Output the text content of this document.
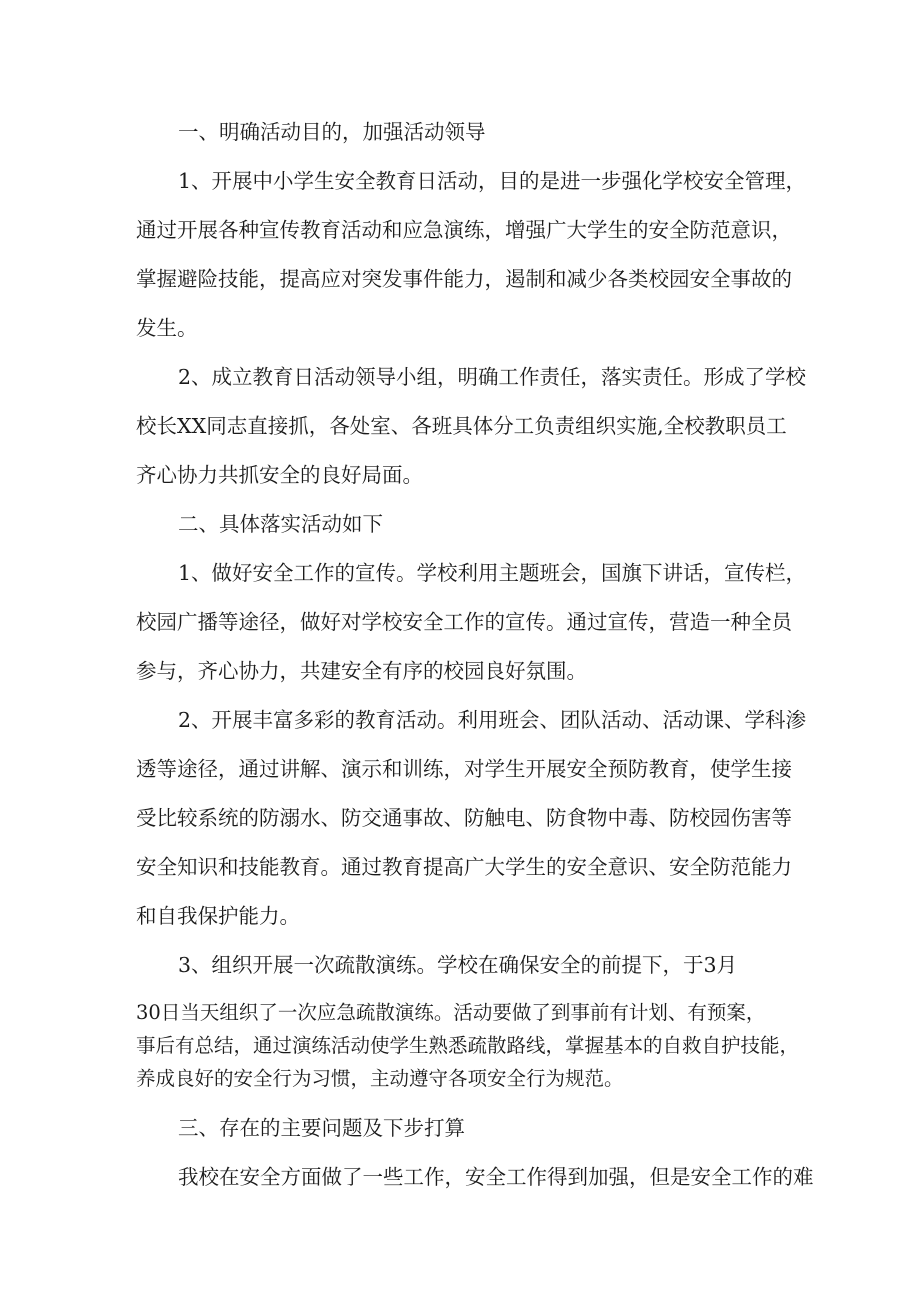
一、明确活动目的，加强活动领导
1、开展中小学生安全教育日活动，目的是进一步强化学校安全管理，
通过开展各种宣传教育活动和应急演练，增强广大学生的安全防范意识，
掌握避险技能，提高应对突发事件能力，遏制和减少各类校园安全事故的
发生。
2、成立教育日活动领导小组，明确工作责任，落实责任。形成了学校
校长XX同志直接抓，各处室、各班具体分工负责组织实施,全校教职员工
齐心协力共抓安全的良好局面。
二、具体落实活动如下
1、做好安全工作的宣传。学校利用主题班会，国旗下讲话，宣传栏，
校园广播等途径，做好对学校安全工作的宣传。通过宣传，营造一种全员
参与，齐心协力，共建安全有序的校园良好氛围。
2、开展丰富多彩的教育活动。利用班会、团队活动、活动课、学科渗
透等途径，通过讲解、演示和训练，对学生开展安全预防教育，使学生接
受比较系统的防溺水、防交通事故、防触电、防食物中毒、防校园伤害等
安全知识和技能教育。通过教育提高广大学生的安全意识、安全防范能力
和自我保护能力。
3、组织开展一次疏散演练。学校在确保安全的前提下，于3月
30日当天组织了一次应急疏散演练。活动要做了到事前有计划、有预案，
事后有总结，通过演练活动使学生熟悉疏散路线，掌握基本的自救自护技能，
养成良好的安全行为习惯，主动遵守各项安全行为规范。
三、存在的主要问题及下步打算
我校在安全方面做了一些工作，安全工作得到加强，但是安全工作的难
